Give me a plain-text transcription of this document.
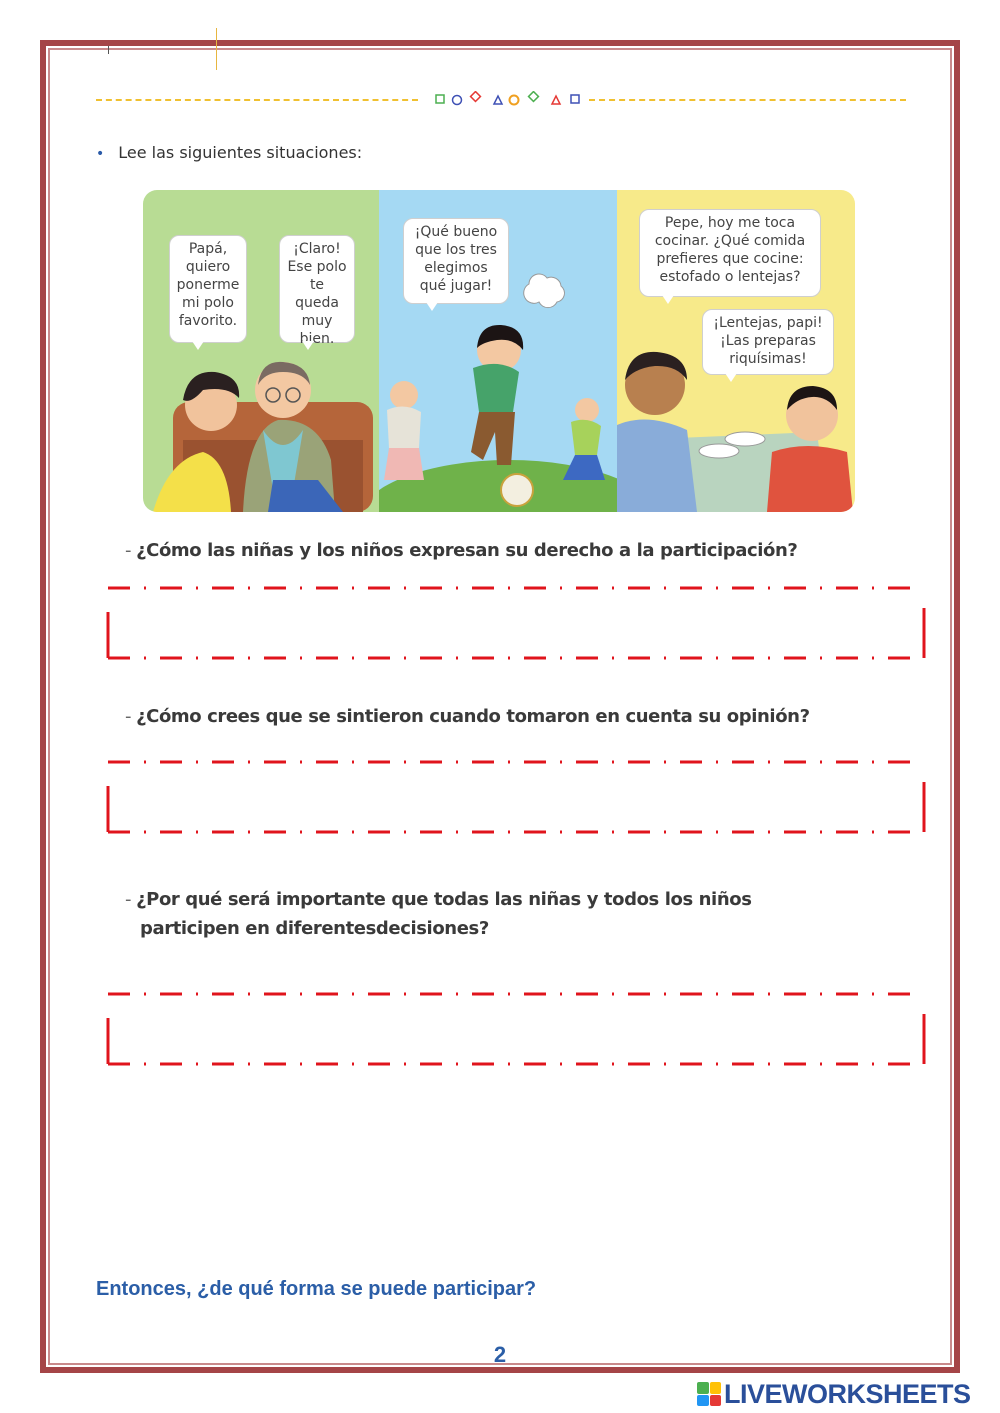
• Lee las siguientes situaciones:
Papá,
quiero
ponerme
mi polo
favorito.
¡Claro!
Ese polo
te queda
muy
bien.
¡Qué bueno
que los tres
elegimos
qué jugar!
Pepe, hoy me toca
cocinar. ¿Qué comida
prefieres que cocine:
estofado o lentejas?
¡Lentejas, papi!
¡Las preparas
riquísimas!
- ¿Cómo las niñas y los niños expresan su derecho a la participación?
- ¿Cómo crees que se sintieron cuando tomaron en cuenta su opinión?
- ¿Por qué será importante que todas las niñas y todos los niños
participen en diferentesdecisiones?
Entonces, ¿de qué forma se puede participar?
2
LIVEWORKSHEETS
